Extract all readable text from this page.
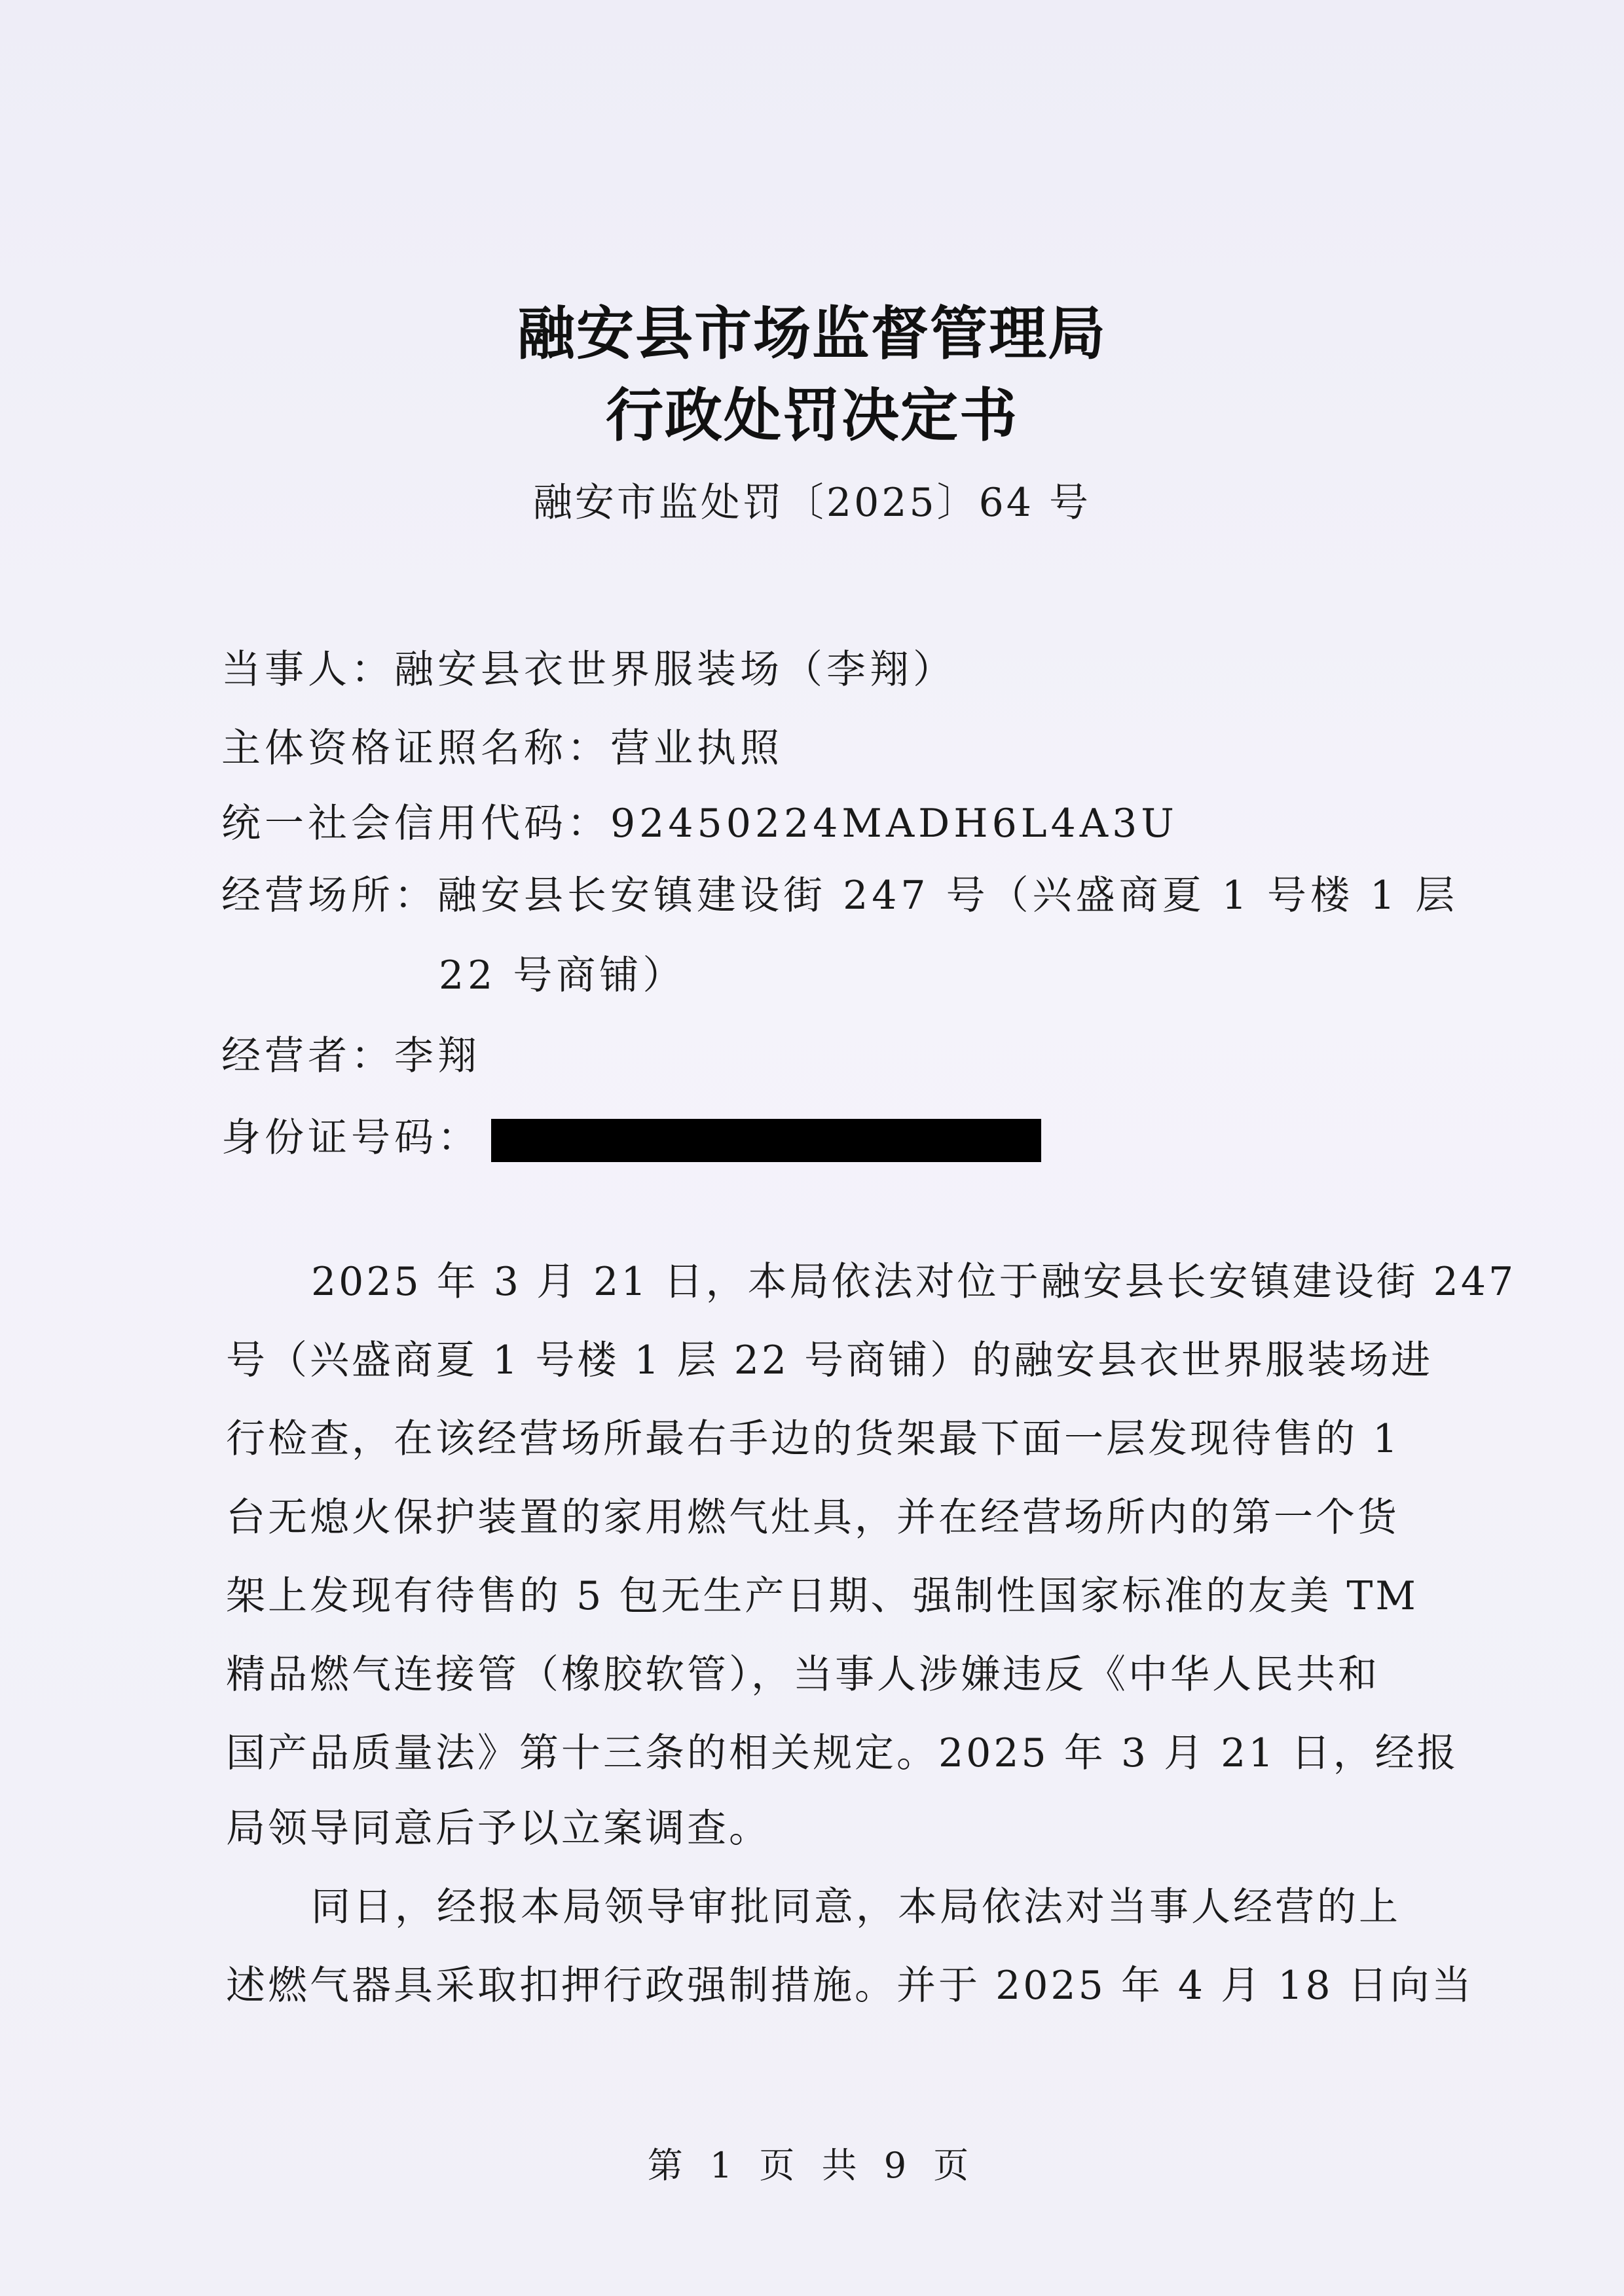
融安县市场监督管理局
行政处罚决定书
融安市监处罚〔2025〕64 号
当事人：融安县衣世界服装场（李翔）
主体资格证照名称：营业执照
统一社会信用代码：92450224MADH6L4A3U
经营场所：融安县长安镇建设街 247 号（兴盛商夏 1 号楼 1 层
22 号商铺）
经营者：李翔
身份证号码：
2025 年 3 月 21 日，本局依法对位于融安县长安镇建设街 247
号（兴盛商夏 1 号楼 1 层 22 号商铺）的融安县衣世界服装场进
行检查，在该经营场所最右手边的货架最下面一层发现待售的 1
台无熄火保护装置的家用燃气灶具，并在经营场所内的第一个货
架上发现有待售的 5 包无生产日期、强制性国家标准的友美 TM
精品燃气连接管（橡胶软管），当事人涉嫌违反《中华人民共和
国产品质量法》第十三条的相关规定。2025 年 3 月 21 日，经报
局领导同意后予以立案调查。
同日，经报本局领导审批同意，本局依法对当事人经营的上
述燃气器具采取扣押行政强制措施。并于 2025 年 4 月 18 日向当
第 1 页 共 9 页
